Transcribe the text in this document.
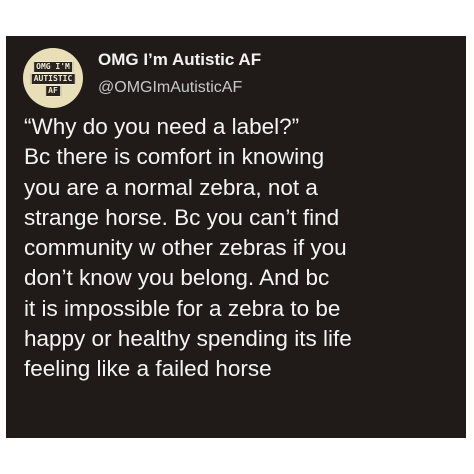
OMG I'M
AUTISTIC
AF
OMG I’m Autistic AF
@OMGImAutisticAF
“Why do you need a label?”
Bc there is comfort in knowing
you are a normal zebra, not a
strange horse. Bc you can’t find
community w other zebras if you
don’t know you belong. And bc
it is impossible for a zebra to be
happy or healthy spending its life
feeling like a failed horse
